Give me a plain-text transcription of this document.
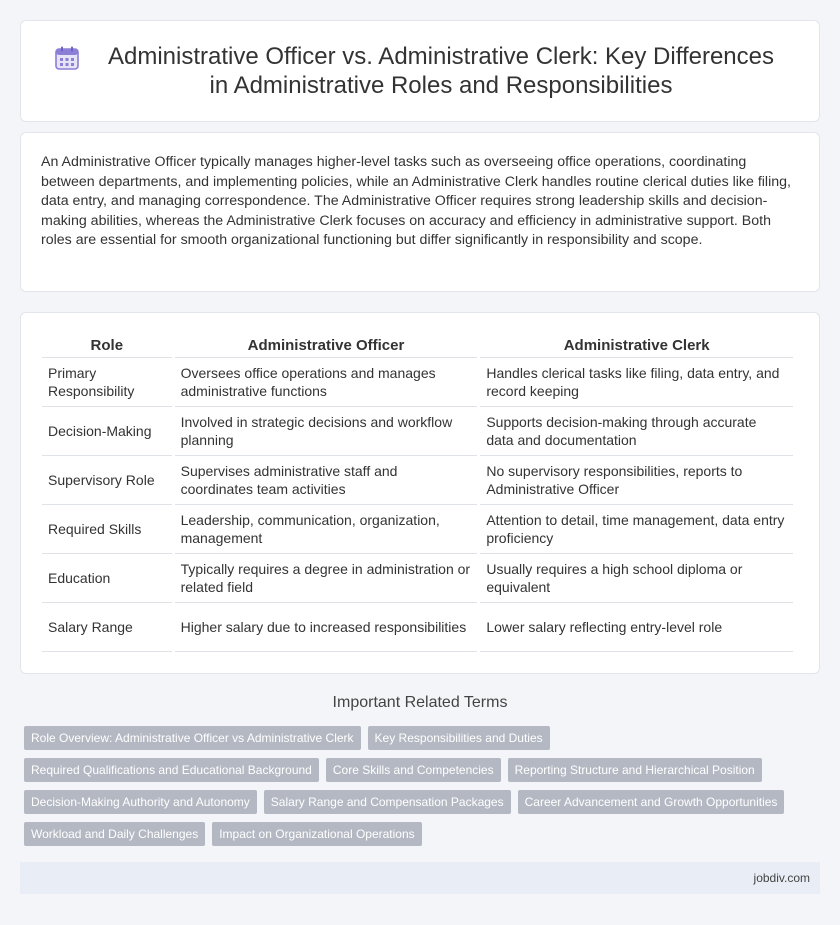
Administrative Officer vs. Administrative Clerk: Key Differences in Administrative Roles and Responsibilities

An Administrative Officer typically manages higher-level tasks such as overseeing office operations, coordinating between departments, and implementing policies, while an Administrative Clerk handles routine clerical duties like filing, data entry, and managing correspondence. The Administrative Officer requires strong leadership skills and decision-making abilities, whereas the Administrative Clerk focuses on accuracy and efficiency in administrative support. Both roles are essential for smooth organizational functioning but differ significantly in responsibility and scope.

Role	Administrative Officer	Administrative Clerk
Primary Responsibility	Oversees office operations and manages administrative functions	Handles clerical tasks like filing, data entry, and record keeping
Decision-Making	Involved in strategic decisions and workflow planning	Supports decision-making through accurate data and documentation
Supervisory Role	Supervises administrative staff and coordinates team activities	No supervisory responsibilities, reports to Administrative Officer
Required Skills	Leadership, communication, organization, management	Attention to detail, time management, data entry proficiency
Education	Typically requires a degree in administration or related field	Usually requires a high school diploma or equivalent
Salary Range	Higher salary due to increased responsibilities	Lower salary reflecting entry-level role
Important Related Terms
Role Overview: Administrative Officer vs Administrative Clerk	Key Responsibilities and Duties
Required Qualifications and Educational Background	Core Skills and Competencies	Reporting Structure and Hierarchical Position
Decision-Making Authority and Autonomy	Salary Range and Compensation Packages	Career Advancement and Growth Opportunities
Workload and Daily Challenges	Impact on Organizational Operations
jobdiv.com
